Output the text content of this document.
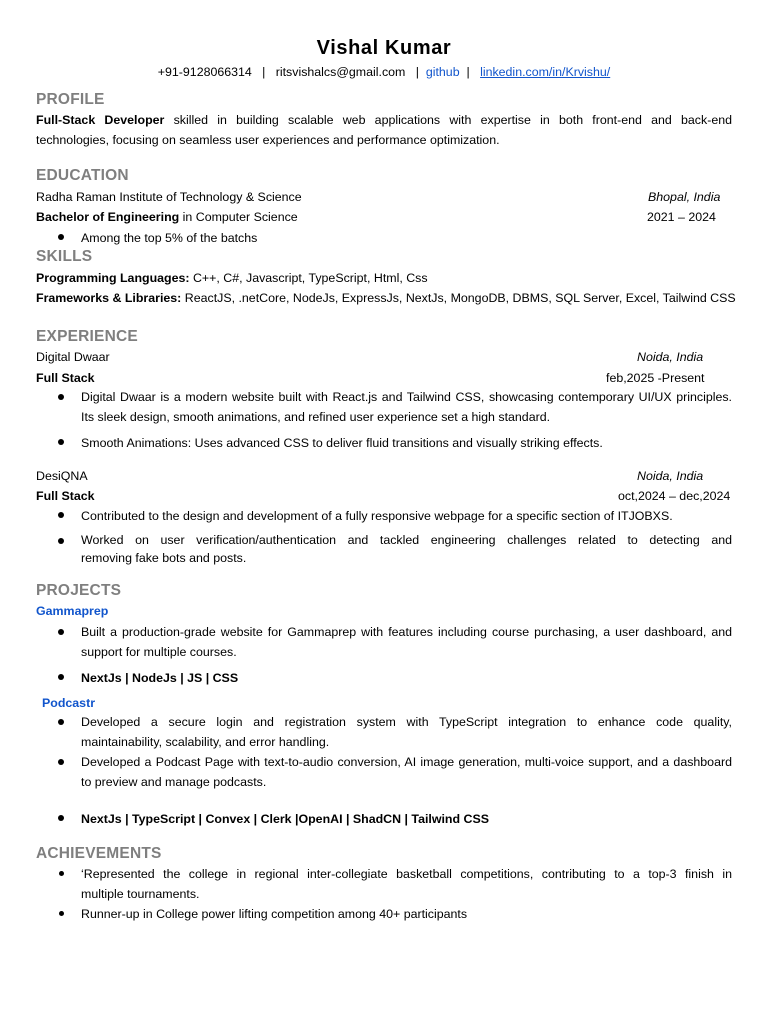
Vishal Kumar
+91-9128066314 | ritsvishalcs@gmail.com | github | linkedin.com/in/Krvishu/
PROFILE
Full-Stack Developer skilled in building scalable web applications with expertise in both front-end and back-end
technologies, focusing on seamless user experiences and performance optimization.
EDUCATION
Radha Raman Institute of Technology & Science	Bhopal, India
Bachelor of Engineering in Computer Science	2021 – 2024
Among the top 5% of the batchs
SKILLS
Programming Languages: C++, C#, Javascript, TypeScript, Html, Css
Frameworks & Libraries: ReactJS, .netCore, NodeJs, ExpressJs, NextJs, MongoDB, DBMS, SQL Server, Excel, Tailwind CSS
EXPERIENCE
Digital Dwaar	Noida, India
Full Stack	feb,2025 -Present
Digital Dwaar is a modern website built with React.js and Tailwind CSS, showcasing contemporary UI/UX principles.
Its sleek design, smooth animations, and refined user experience set a high standard.
Smooth Animations: Uses advanced CSS to deliver fluid transitions and visually striking effects.
DesiQNA	Noida, India
Full Stack	oct,2024 – dec,2024
Contributed to the design and development of a fully responsive webpage for a specific section of ITJOBXS.
Worked on user verification/authentication and tackled engineering challenges related to detecting and
removing fake bots and posts.
PROJECTS
Gammaprep
Built a production-grade website for Gammaprep with features including course purchasing, a user dashboard, and
support for multiple courses.
NextJs | NodeJs | JS | CSS
Podcastr
Developed a secure login and registration system with TypeScript integration to enhance code quality,
maintainability, scalability, and error handling.
Developed a Podcast Page with text-to-audio conversion, AI image generation, multi-voice support, and a dashboard
to preview and manage podcasts.
NextJs | TypeScript | Convex | Clerk |OpenAI | ShadCN | Tailwind CSS
ACHIEVEMENTS
‘Represented the college in regional inter-collegiate basketball competitions, contributing to a top-3 finish in
multiple tournaments.
Runner-up in College power lifting competition among 40+ participants
